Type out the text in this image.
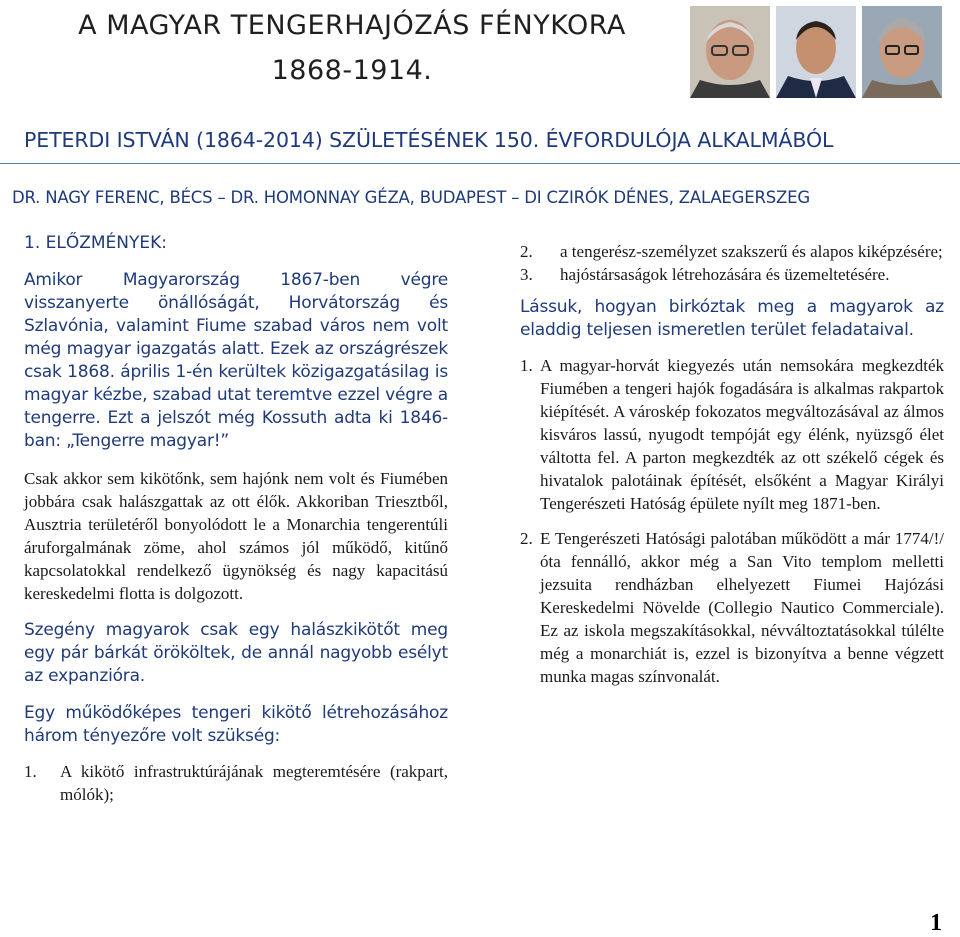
A MAGYAR TENGERHAJÓZÁS FÉNYKORA
1868-1914.
PETERDI ISTVÁN (1864-2014) SZÜLETÉSÉNEK 150. ÉVFORDULÓJA ALKALMÁBÓL

DR. NAGY FERENC, BÉCS – DR. HOMONNAY GÉZA, BUDAPEST – DI CZIRÓK DÉNES, ZALAEGERSZEG

1. ELŐZMÉNYEK:

Amikor Magyarország 1867-ben végre visszanyerte önállóságát, Horvátország és Szlavónia, valamint Fiume szabad város nem volt még magyar igazgatás alatt. Ezek az országrészek csak 1868. április 1-én kerültek közigazgatásilag is magyar kézbe, szabad utat teremtve ezzel végre a tengerre. Ezt a jelszót még Kossuth adta ki 1846-ban: „Tengerre magyar!”

Csak akkor sem kikötőnk, sem hajónk nem volt és Fiumében jobbára csak halászgattak az ott élők. Akkoriban Triesztből, Ausztria területéről bonyolódott le a Monarchia tengerentúli áruforgalmának zöme, ahol számos jól működő, kitűnő kapcsolatokkal rendelkező ügynökség és nagy kapacitású kereskedelmi flotta is dolgozott.

Szegény magyarok csak egy halászkikötőt meg egy pár bárkát örököltek, de annál nagyobb esélyt az expanzióra.

Egy működőképes tengeri kikötő létrehozásához három tényezőre volt szükség:

1.	A kikötő infrastruktúrájának megteremtésére (rakpart, mólók);
2.	a tengerész-személyzet szakszerű és alapos kiképzésére;
3.	hajóstársaságok létrehozására és üzemeltetésére.

Lássuk, hogyan birkóztak meg a magyarok az eladdig teljesen ismeretlen terület feladataival.

1. A magyar-horvát kiegyezés után nemsokára megkezdték Fiumében a tengeri hajók fogadására is alkalmas rakpartok kiépítését. A városkép fokozatos megváltozásával az álmos kisváros lassú, nyugodt tempóját egy élénk, nyüzsgő élet váltotta fel. A parton megkezdték az ott székelő cégek és hivatalok palotáinak építését, elsőként a Magyar Királyi Tengerészeti Hatóság épülete nyílt meg 1871-ben.
2. E Tengerészeti Hatósági palotában működött a már 1774/!/ óta fennálló, akkor még a San Vito templom melletti jezsuita rendházban elhelyezett Fiumei Hajózási Kereskedelmi Növelde (Collegio Nautico Commerciale). Ez az iskola megszakításokkal, névváltoztatásokkal túlélte még a monarchiát is, ezzel is bizonyítva a benne végzett munka magas színvonalát.

1
